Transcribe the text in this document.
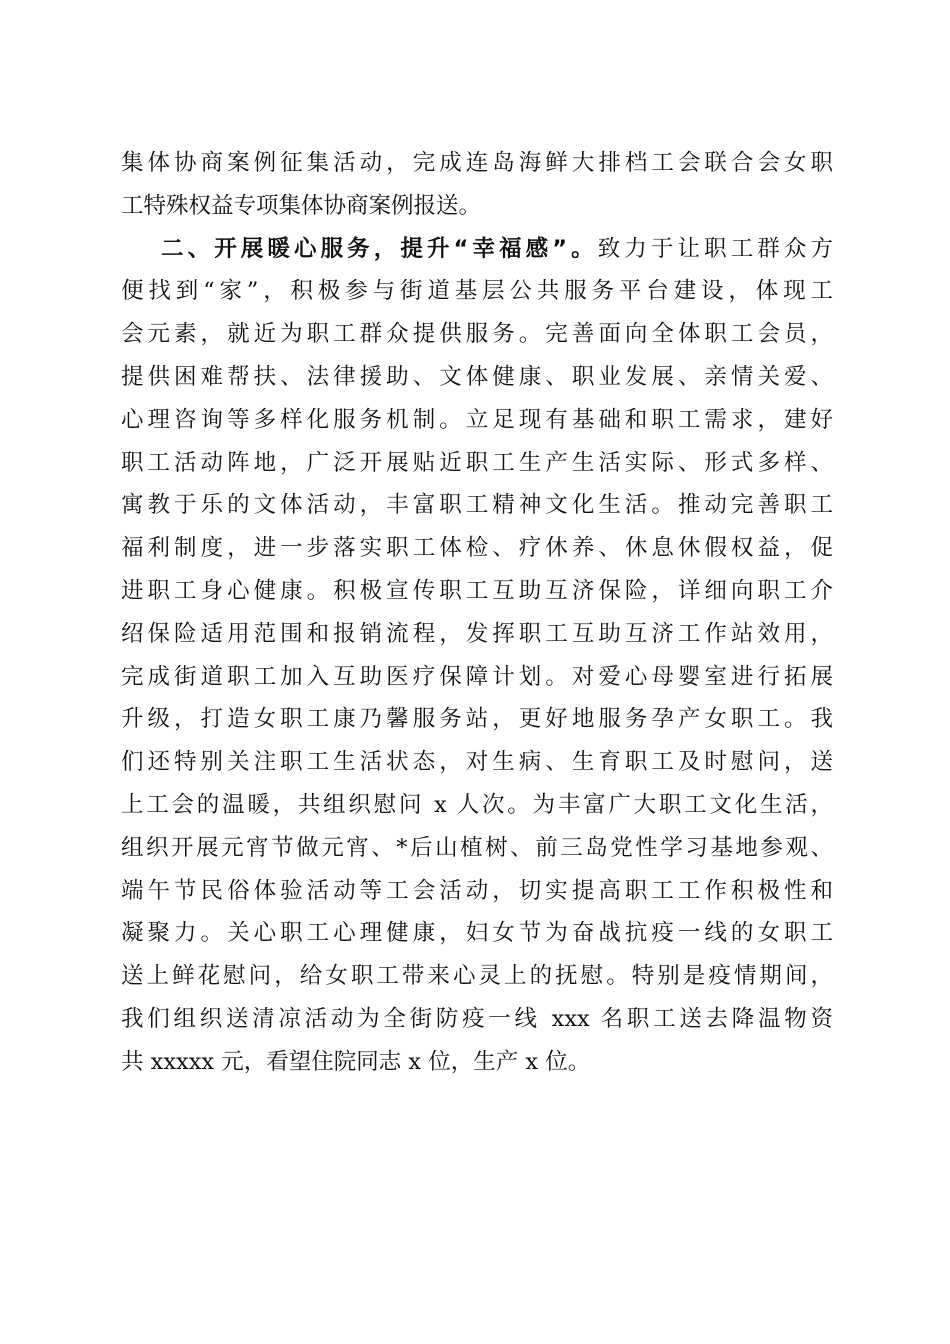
集体协商案例征集活动，完成连岛海鲜大排档工会联合会女职
工特殊权益专项集体协商案例报送。
二、开展暖心服务，提升“幸福感”。致力于让职工群众方
便找到“家”，积极参与街道基层公共服务平台建设，体现工
会元素，就近为职工群众提供服务。完善面向全体职工会员，
提供困难帮扶、法律援助、文体健康、职业发展、亲情关爱、
心理咨询等多样化服务机制。立足现有基础和职工需求，建好
职工活动阵地，广泛开展贴近职工生产生活实际、形式多样、
寓教于乐的文体活动，丰富职工精神文化生活。推动完善职工
福利制度，进一步落实职工体检、疗休养、休息休假权益，促
进职工身心健康。积极宣传职工互助互济保险，详细向职工介
绍保险适用范围和报销流程，发挥职工互助互济工作站效用，
完成街道职工加入互助医疗保障计划。对爱心母婴室进行拓展
升级，打造女职工康乃馨服务站，更好地服务孕产女职工。我
们还特别关注职工生活状态，对生病、生育职工及时慰问，送
上工会的温暖，共组织慰问 x 人次。为丰富广大职工文化生活，
组织开展元宵节做元宵、*后山植树、前三岛党性学习基地参观、
端午节民俗体验活动等工会活动，切实提高职工工作积极性和
凝聚力。关心职工心理健康，妇女节为奋战抗疫一线的女职工
送上鲜花慰问，给女职工带来心灵上的抚慰。特别是疫情期间，
我们组织送清凉活动为全街防疫一线 xxx 名职工送去降温物资
共 xxxxx 元，看望住院同志 x 位，生产 x 位。
